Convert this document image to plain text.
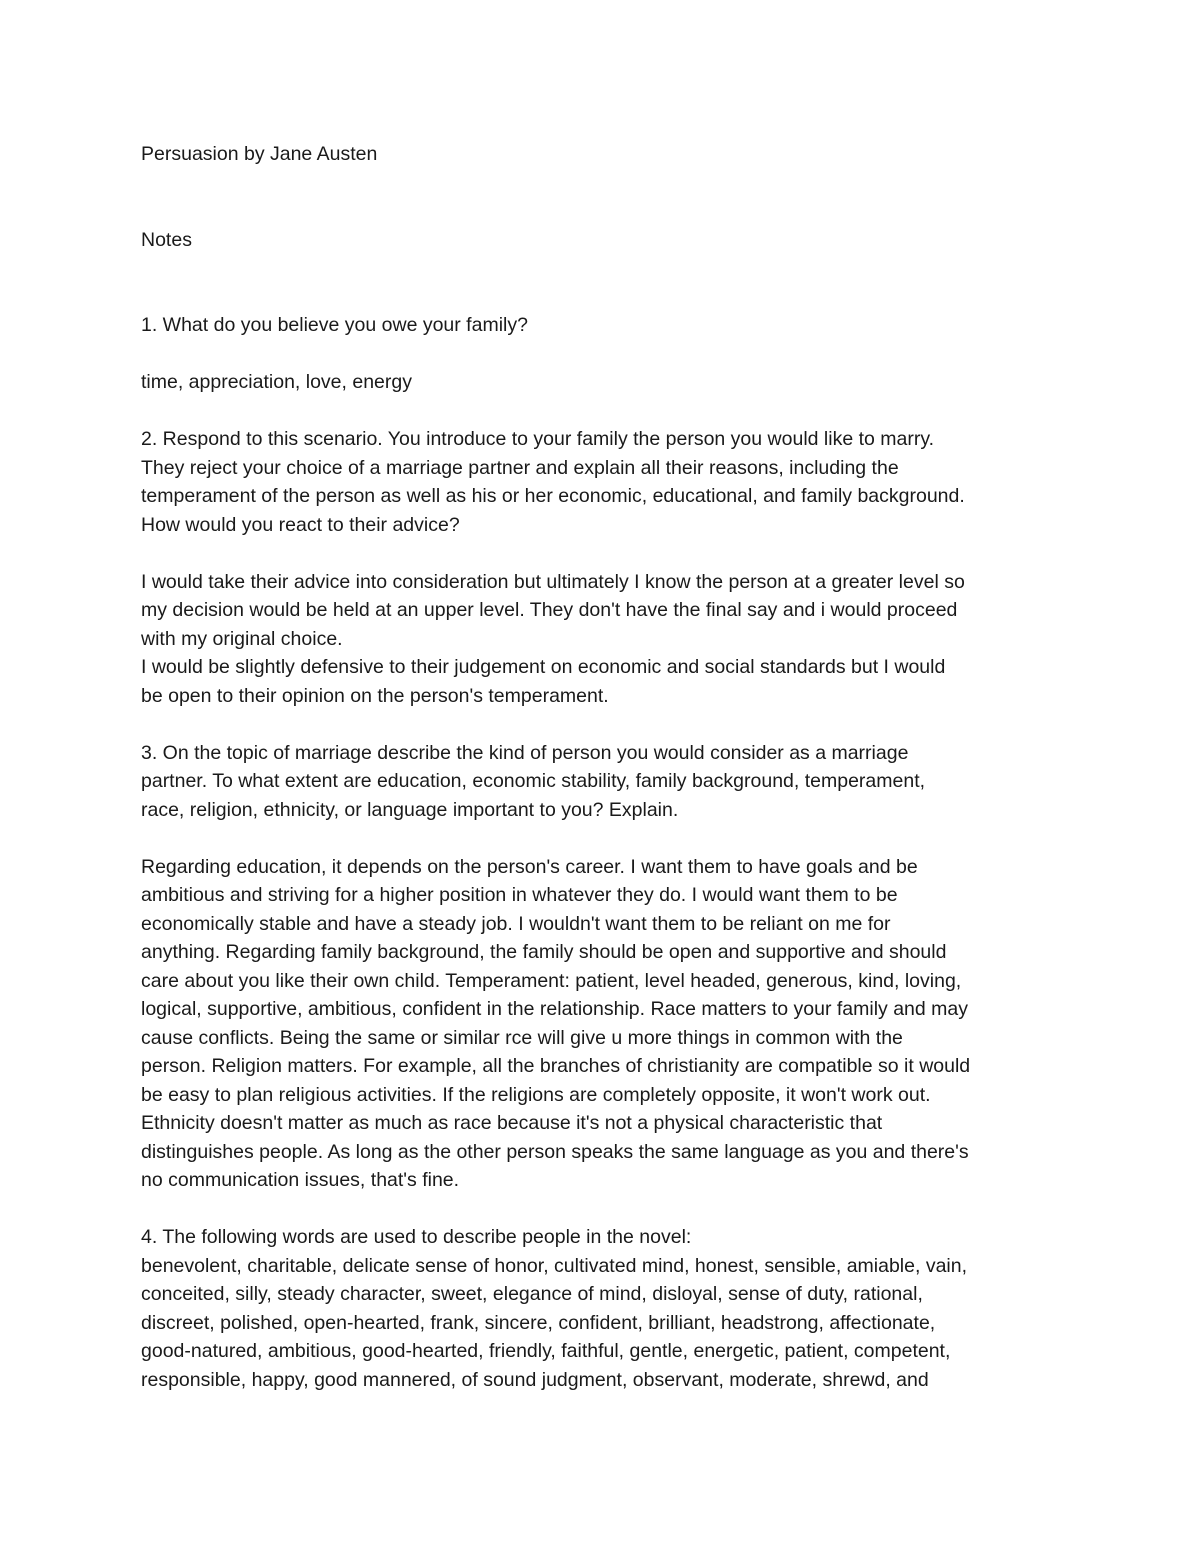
Persuasion by Jane Austen

Notes

1. What do you believe you owe your family?

time, appreciation, love, energy

2. Respond to this scenario. You introduce to your family the person you would like to marry.

They reject your choice of a marriage partner and explain all their reasons, including the

temperament of the person as well as his or her economic, educational, and family background.

How would you react to their advice?

I would take their advice into consideration but ultimately I know the person at a greater level so

my decision would be held at an upper level. They don't have the final say and i would proceed

with my original choice.

I would be slightly defensive to their judgement on economic and social standards but I would

be open to their opinion on the person's temperament.

3. On the topic of marriage describe the kind of person you would consider as a marriage

partner. To what extent are education, economic stability, family background, temperament,

race, religion, ethnicity, or language important to you? Explain.

Regarding education, it depends on the person's career. I want them to have goals and be

ambitious and striving for a higher position in whatever they do. I would want them to be

economically stable and have a steady job. I wouldn't want them to be reliant on me for

anything. Regarding family background, the family should be open and supportive and should

care about you like their own child. Temperament: patient, level headed, generous, kind, loving,

logical, supportive, ambitious, confident in the relationship. Race matters to your family and may

cause conflicts. Being the same or similar rce will give u more things in common with the

person. Religion matters. For example, all the branches of christianity are compatible so it would

be easy to plan religious activities. If the religions are completely opposite, it won't work out.

Ethnicity doesn't matter as much as race because it's not a physical characteristic that

distinguishes people. As long as the other person speaks the same language as you and there's

no communication issues, that's fine.

4. The following words are used to describe people in the novel:

benevolent, charitable, delicate sense of honor, cultivated mind, honest, sensible, amiable, vain,

conceited, silly, steady character, sweet, elegance of mind, disloyal, sense of duty, rational,

discreet, polished, open-hearted, frank, sincere, confident, brilliant, headstrong, affectionate,

good-natured, ambitious, good-hearted, friendly, faithful, gentle, energetic, patient, competent,

responsible, happy, good mannered, of sound judgment, observant, moderate, shrewd, and
